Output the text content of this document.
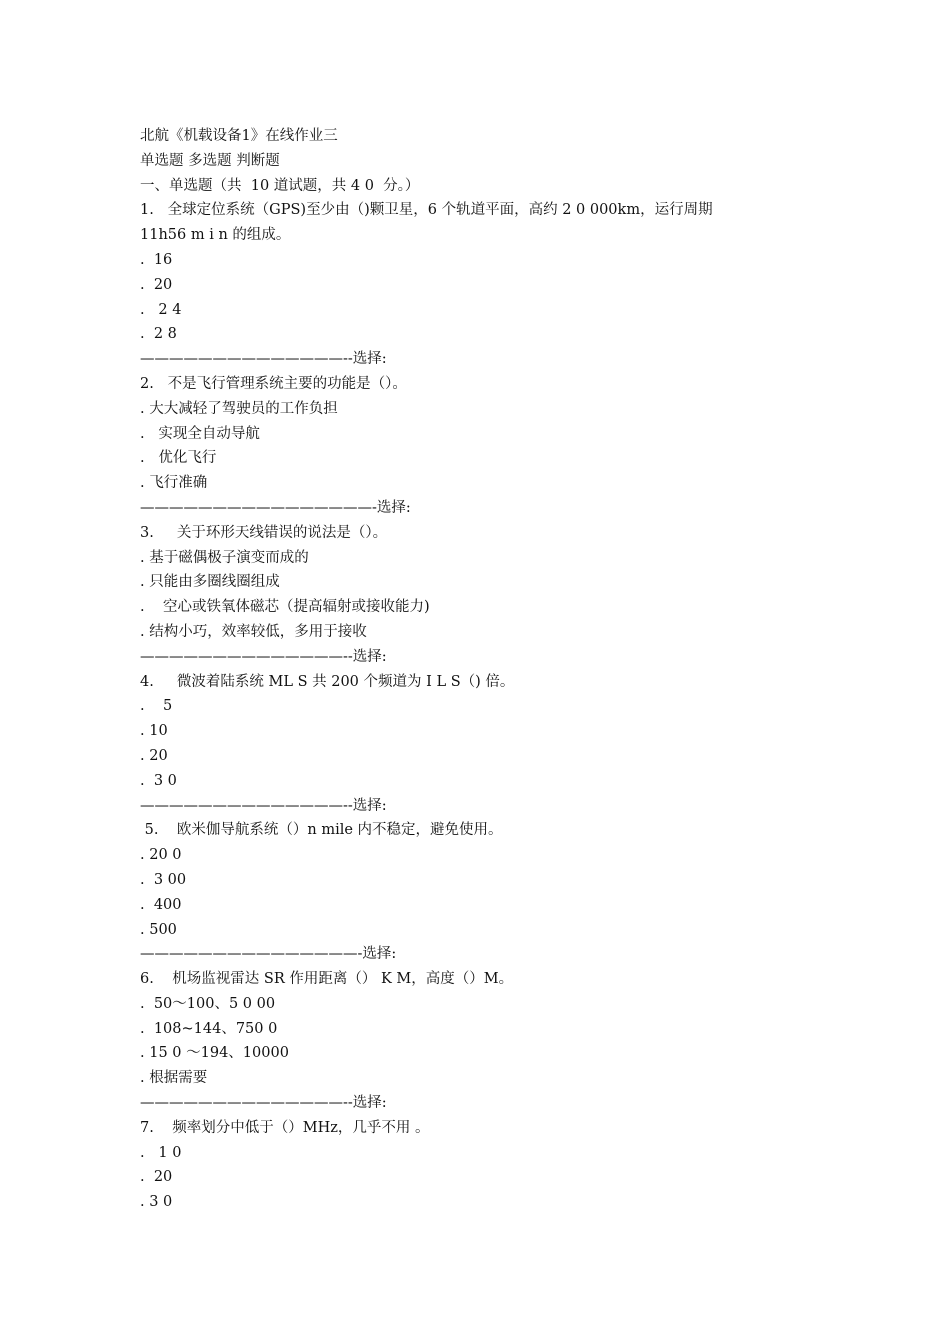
北航《机载设备1》在线作业三
单选题 多选题 判断题
一、单选题（共  10 道试题，共 4 0  分。）
1.   全球定位系统（GPS)至少由（)颗卫星，6 个轨道平面，高约 2 0 000km，运行周期
11h56 m i n 的组成。
.  16
.  20
.   2 4
.  2 8
——————————————--选择:
2.   不是飞行管理系统主要的功能是（）。
. 大大减轻了驾驶员的工作负担
.   实现全自动导航
.   优化飞行
. 飞行准确
————————————————-选择:
3.     关于环形天线错误的说法是（）。
. 基于磁偶极子演变而成的
. 只能由多圈线圈组成
.    空心或铁氧体磁芯（提高辐射或接收能力)
. 结构小巧，效率较低，多用于接收
——————————————--选择:
4.     微波着陆系统 ML S 共 200 个频道为 I L S（) 倍。
.    5
. 10
. 20
.  3 0
——————————————--选择:
5.    欧米伽导航系统（）n mile 内不稳定，避免使用。
. 20 0
.  3 00
.  400
. 500
———————————————-选择:
6.    机场监视雷达 SR 作用距离（） K M，高度（）M。
.  50～100、5 0 00
.  108~144、750 0
. 15 0 ～194、10000
. 根据需要
——————————————--选择:
7.    频率划分中低于（）MHz，几乎不用 。
.   1 0
.  20
. 3 0
